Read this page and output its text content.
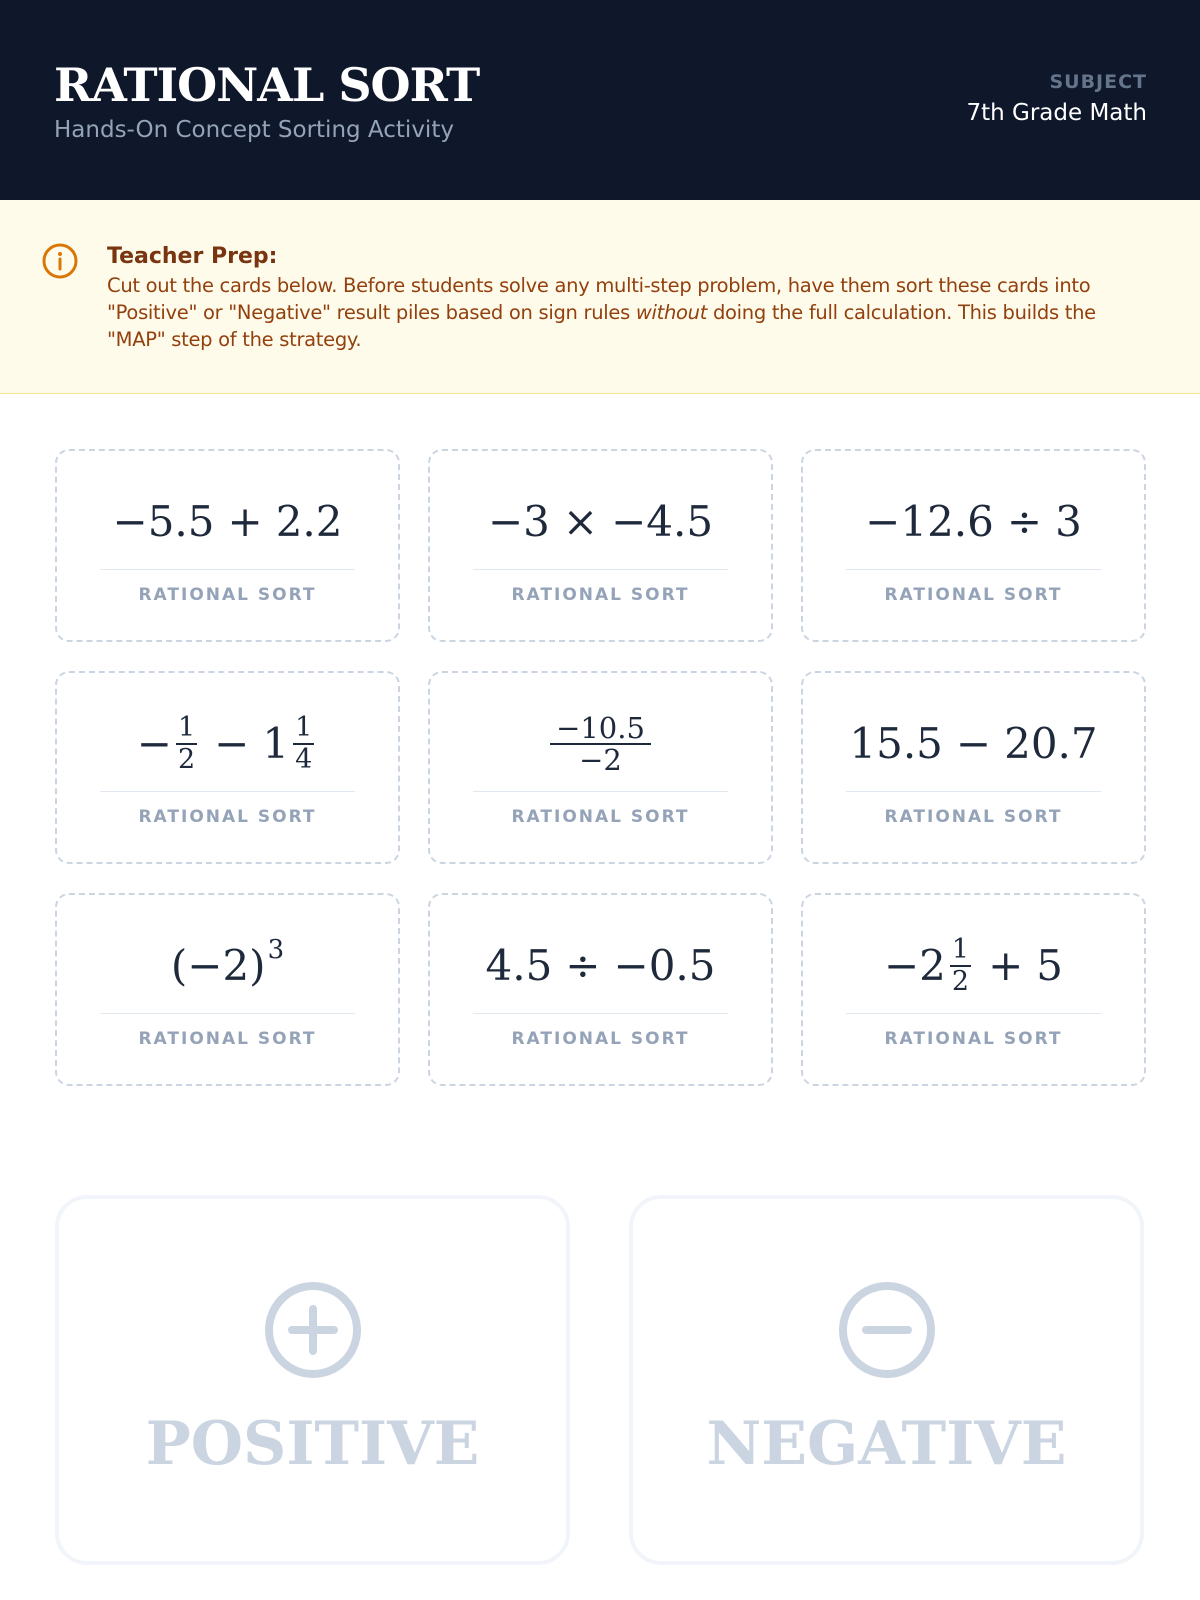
RATIONAL SORT
Hands-On Concept Sorting Activity
SUBJECT
7th Grade Math
Teacher Prep:
Cut out the cards below. Before students solve any multi-step problem, have them sort these cards into "Positive" or "Negative" result piles based on sign rules without doing the full calculation. This builds the "MAP" step of the strategy.
−5.5 + 2.2
RATIONAL SORT
−3 × −4.5
RATIONAL SORT
−12.6 ÷ 3
RATIONAL SORT
− $\frac{1}{2} - 1 \frac{1}{4}$
RATIONAL SORT
$\frac{-10.5}{-2}$
RATIONAL SORT
15.5 − 20.7
RATIONAL SORT
(−2) 3
RATIONAL SORT
4.5 ÷ −0.5
RATIONAL SORT
$-2 \frac{1}{2} + 5$
RATIONAL SORT
POSITIVE	NEGATIVE
